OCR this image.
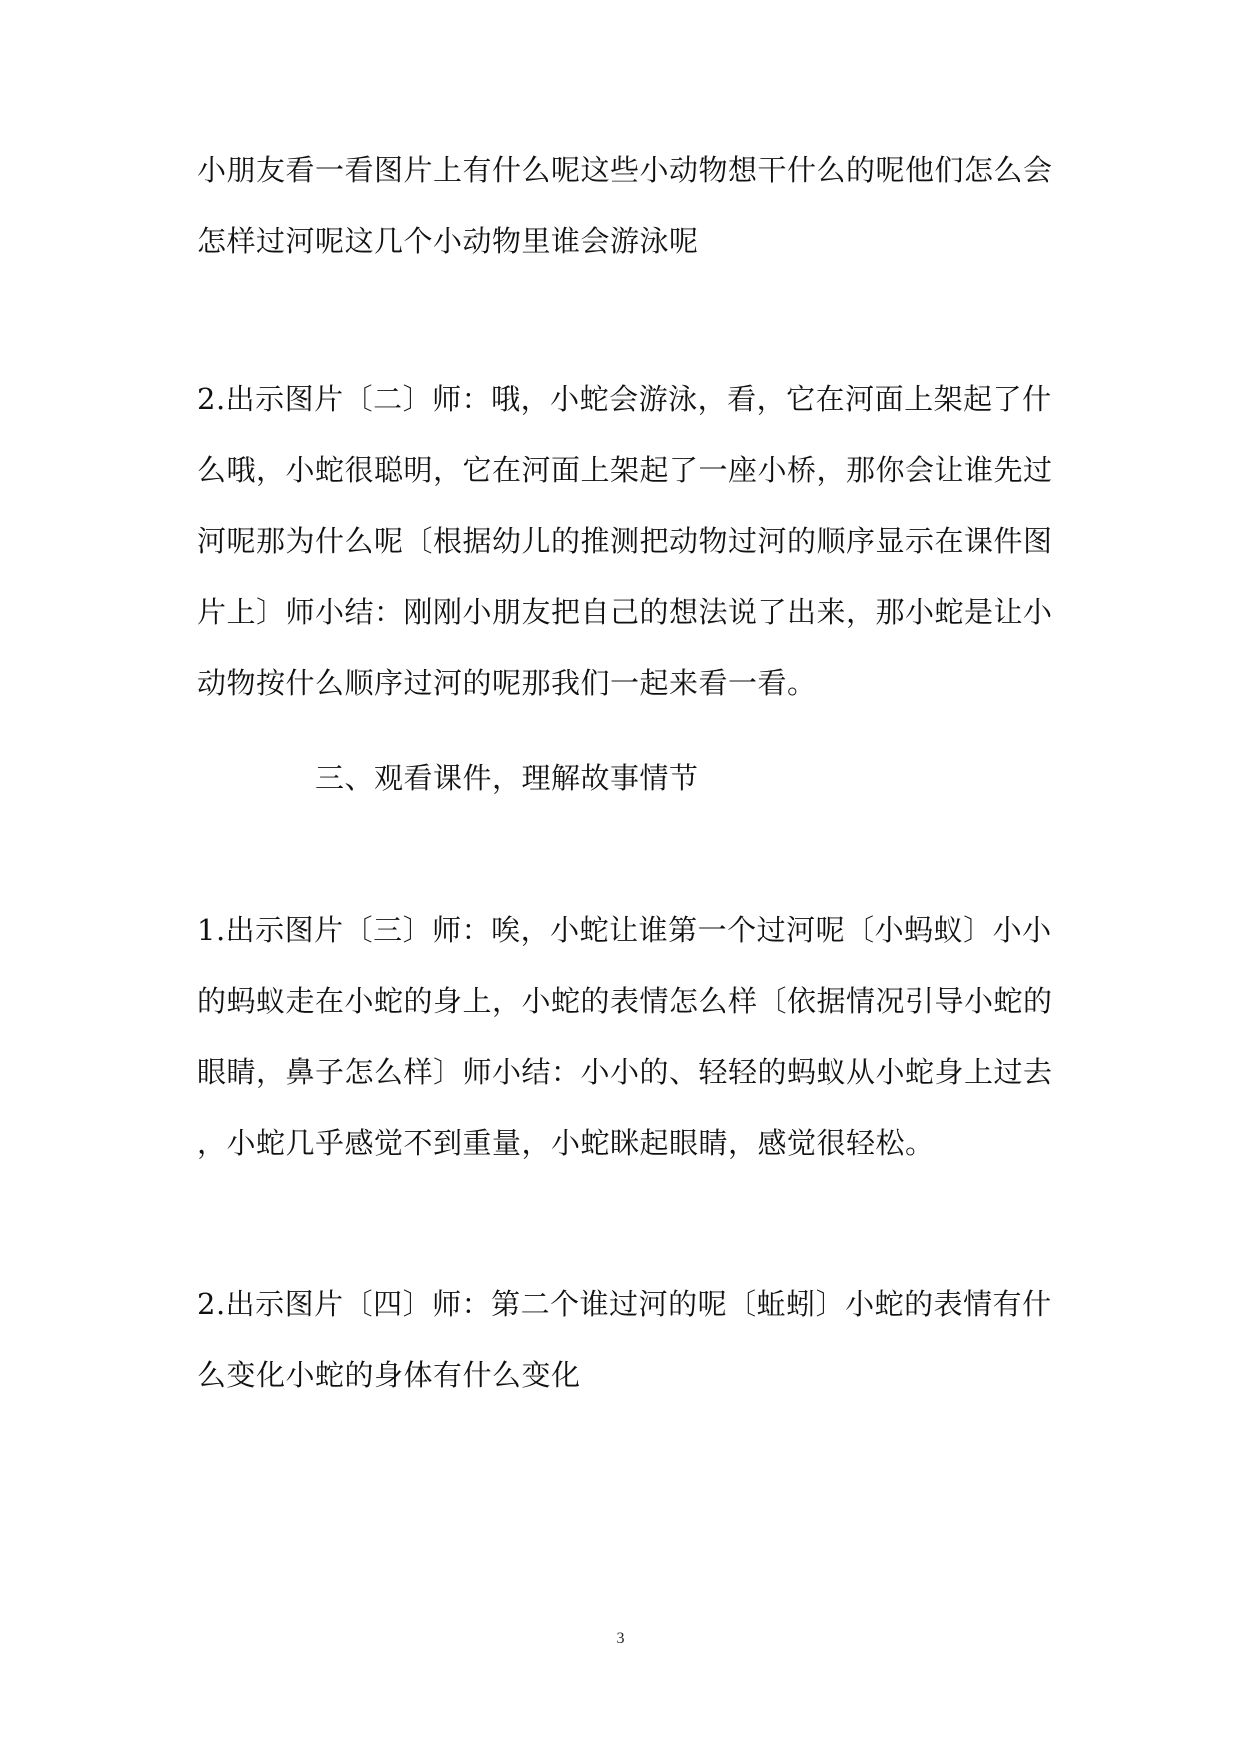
小朋友看一看图片上有什么呢这些小动物想干什么的呢他们怎么会
怎样过河呢这几个小动物里谁会游泳呢
2.出示图片〔二〕师：哦，小蛇会游泳，看，它在河面上架起了什
么哦，小蛇很聪明，它在河面上架起了一座小桥，那你会让谁先过
河呢那为什么呢〔根据幼儿的推测把动物过河的顺序显示在课件图
片上〕师小结：刚刚小朋友把自己的想法说了出来，那小蛇是让小
动物按什么顺序过河的呢那我们一起来看一看。
三、观看课件，理解故事情节
1.出示图片〔三〕师：唉，小蛇让谁第一个过河呢〔小蚂蚁〕小小
的蚂蚁走在小蛇的身上，小蛇的表情怎么样〔依据情况引导小蛇的
眼睛，鼻子怎么样〕师小结：小小的、轻轻的蚂蚁从小蛇身上过去
，小蛇几乎感觉不到重量，小蛇眯起眼睛，感觉很轻松。
2.出示图片〔四〕师：第二个谁过河的呢〔蚯蚓〕小蛇的表情有什
么变化小蛇的身体有什么变化
3
